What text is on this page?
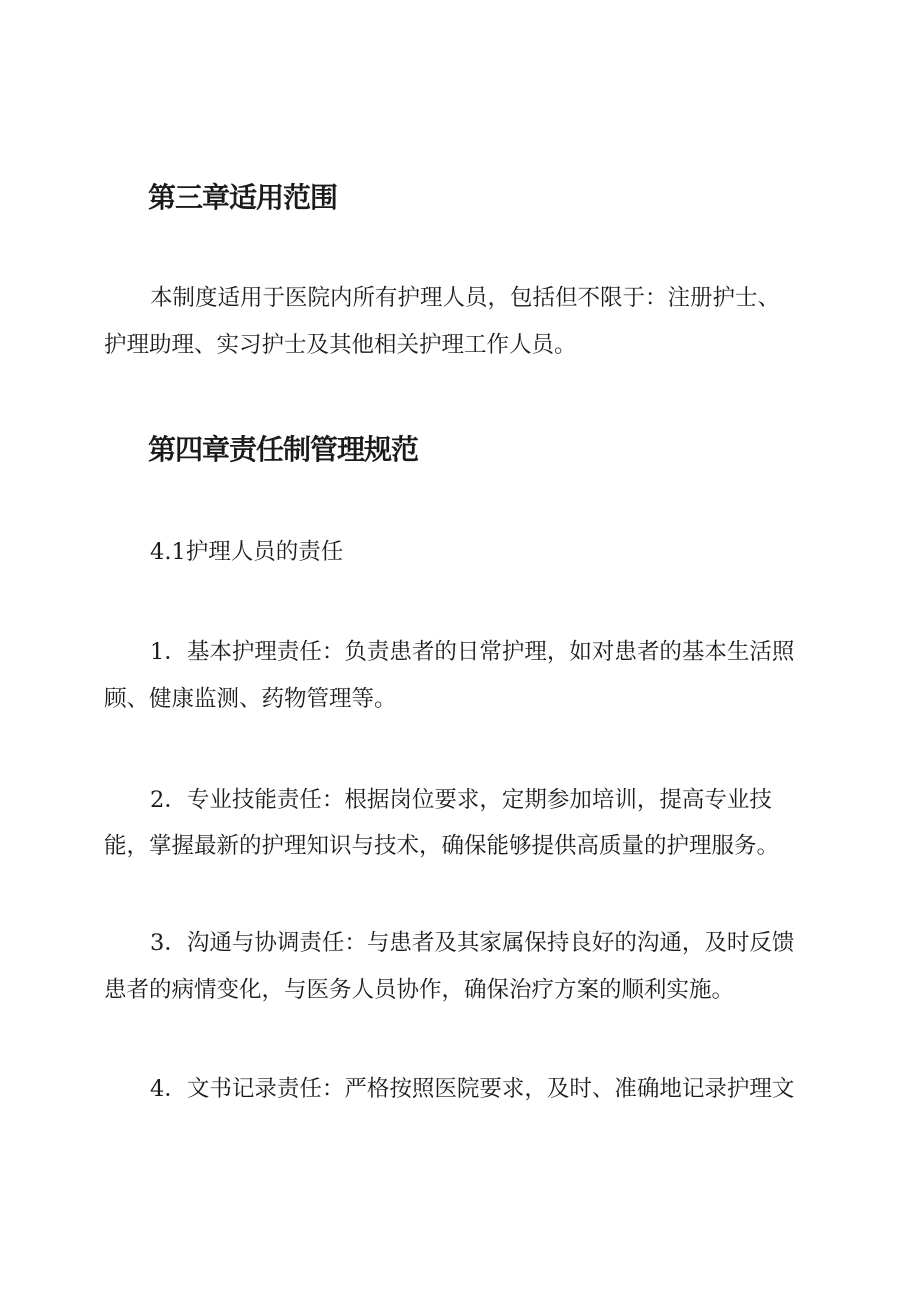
第三章适用范围

本制度适用于医院内所有护理人员，包括但不限于：注册护士、

护理助理、实习护士及其他相关护理工作人员。

第四章责任制管理规范

4.1护理人员的责任

1．基本护理责任：负责患者的日常护理，如对患者的基本生活照

顾、健康监测、药物管理等。

2．专业技能责任：根据岗位要求，定期参加培训，提高专业技

能，掌握最新的护理知识与技术，确保能够提供高质量的护理服务。

3．沟通与协调责任：与患者及其家属保持良好的沟通，及时反馈

患者的病情变化，与医务人员协作，确保治疗方案的顺利实施。

4．文书记录责任：严格按照医院要求，及时、准确地记录护理文
